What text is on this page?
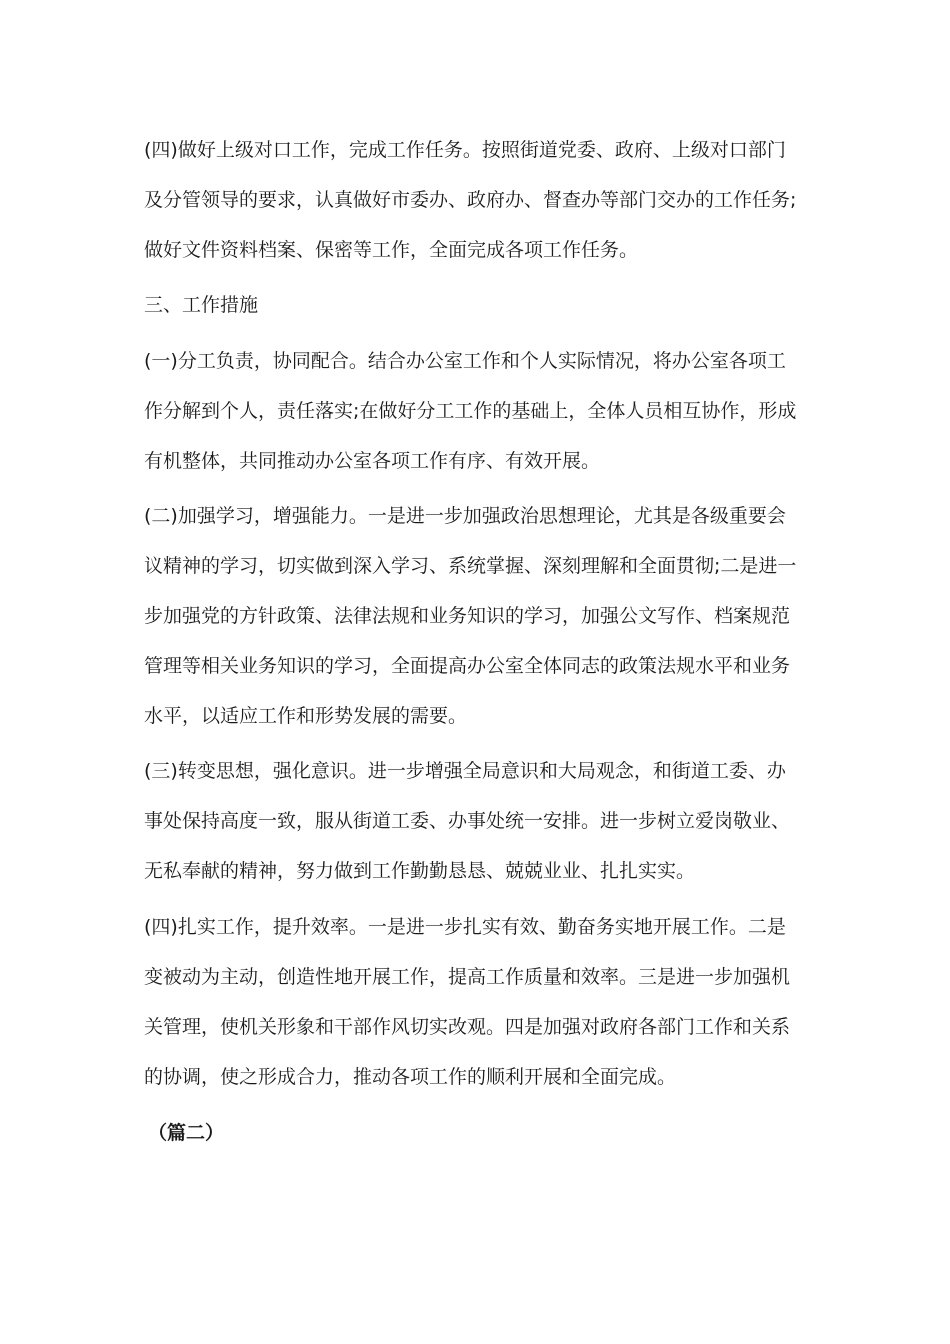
(四)做好上级对口工作，完成工作任务。按照街道党委、政府、上级对口部门
及分管领导的要求，认真做好市委办、政府办、督查办等部门交办的工作任务;
做好文件资料档案、保密等工作，全面完成各项工作任务。
三、工作措施
(一)分工负责，协同配合。结合办公室工作和个人实际情况，将办公室各项工
作分解到个人，责任落实;在做好分工工作的基础上，全体人员相互协作，形成
有机整体，共同推动办公室各项工作有序、有效开展。
(二)加强学习，增强能力。一是进一步加强政治思想理论，尤其是各级重要会
议精神的学习，切实做到深入学习、系统掌握、深刻理解和全面贯彻;二是进一
步加强党的方针政策、法律法规和业务知识的学习，加强公文写作、档案规范
管理等相关业务知识的学习，全面提高办公室全体同志的政策法规水平和业务
水平，以适应工作和形势发展的需要。
(三)转变思想，强化意识。进一步增强全局意识和大局观念，和街道工委、办
事处保持高度一致，服从街道工委、办事处统一安排。进一步树立爱岗敬业、
无私奉献的精神，努力做到工作勤勤恳恳、兢兢业业、扎扎实实。
(四)扎实工作，提升效率。一是进一步扎实有效、勤奋务实地开展工作。二是
变被动为主动，创造性地开展工作，提高工作质量和效率。三是进一步加强机
关管理，使机关形象和干部作风切实改观。四是加强对政府各部门工作和关系
的协调，使之形成合力，推动各项工作的顺利开展和全面完成。
（篇二）
